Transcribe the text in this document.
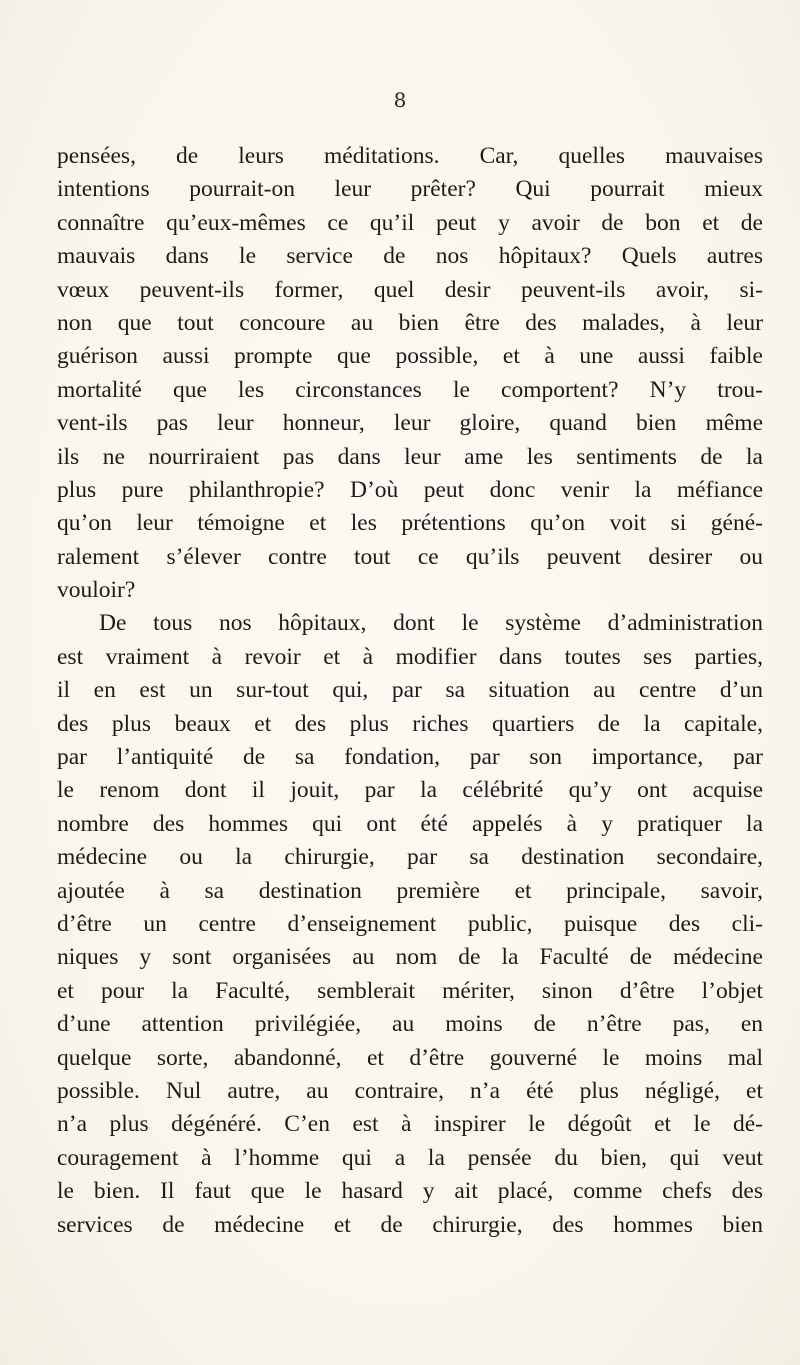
8
pensées, de leurs méditations. Car, quelles mauvaises
intentions pourrait-on leur prêter? Qui pourrait mieux
connaître qu’eux-mêmes ce qu’il peut y avoir de bon et de
mauvais dans le service de nos hôpitaux? Quels autres
vœux peuvent-ils former, quel desir peuvent-ils avoir, si-
non que tout concoure au bien être des malades, à leur
guérison aussi prompte que possible, et à une aussi faible
mortalité que les circonstances le comportent? N’y trou-
vent-ils pas leur honneur, leur gloire, quand bien même
ils ne nourriraient pas dans leur ame les sentiments de la
plus pure philanthropie? D’où peut donc venir la méfiance
qu’on leur témoigne et les prétentions qu’on voit si géné-
ralement s’élever contre tout ce qu’ils peuvent desirer ou
vouloir?
De tous nos hôpitaux, dont le système d’administration
est vraiment à revoir et à modifier dans toutes ses parties,
il en est un sur-tout qui, par sa situation au centre d’un
des plus beaux et des plus riches quartiers de la capitale,
par l’antiquité de sa fondation, par son importance, par
le renom dont il jouit, par la célébrité qu’y ont acquise
nombre des hommes qui ont été appelés à y pratiquer la
médecine ou la chirurgie, par sa destination secondaire,
ajoutée à sa destination première et principale, savoir,
d’être un centre d’enseignement public, puisque des cli-
niques y sont organisées au nom de la Faculté de médecine
et pour la Faculté, semblerait mériter, sinon d’être l’objet
d’une attention privilégiée, au moins de n’être pas, en
quelque sorte, abandonné, et d’être gouverné le moins mal
possible. Nul autre, au contraire, n’a été plus négligé, et
n’a plus dégénéré. C’en est à inspirer le dégoût et le dé-
couragement à l’homme qui a la pensée du bien, qui veut
le bien. Il faut que le hasard y ait placé, comme chefs des
services de médecine et de chirurgie, des hommes bien
